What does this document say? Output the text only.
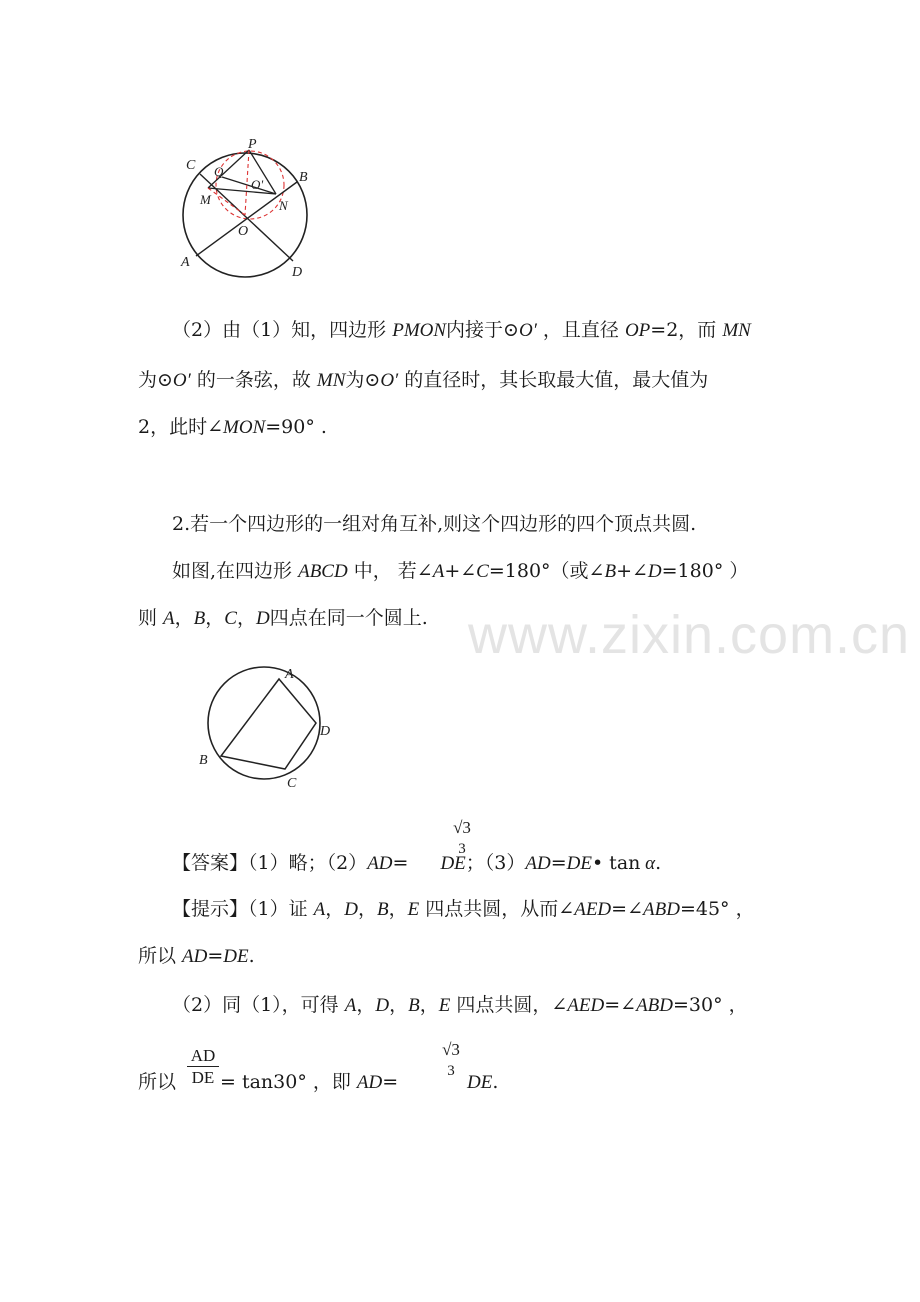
www.zixin.com.cn
P
C
B
Q
O'
M	N
O
A
D
（2）由（1）知，四边形 PMON内接于⊙O′ ，且直径 OP=2，而 MN
为⊙O′ 的一条弦，故 MN为⊙O′ 的直径时，其长取最大值，最大值为
2，此时∠MON=90° .
2.若一个四边形的一组对角互补,则这个四边形的四个顶点共圆.
如图,在四边形 ABCD 中， 若∠A+∠C=180°（或∠B+∠D=180° ）
则 A，B，C，D四点在同一个圆上.
A
B
C
D
【答案】（1）略；（2）AD= DE；（3）AD=DE• tan α.
√3
3
【提示】（1）证 A，D，B，E 四点共圆，从而∠AED=∠ABD=45° ，
所以 AD=DE.
（2）同（1），可得 A，D，B，E 四点共圆，∠AED=∠ABD=30° ，
所以
AD
DE = tan30° ，即 AD=
√3
3
DE.
